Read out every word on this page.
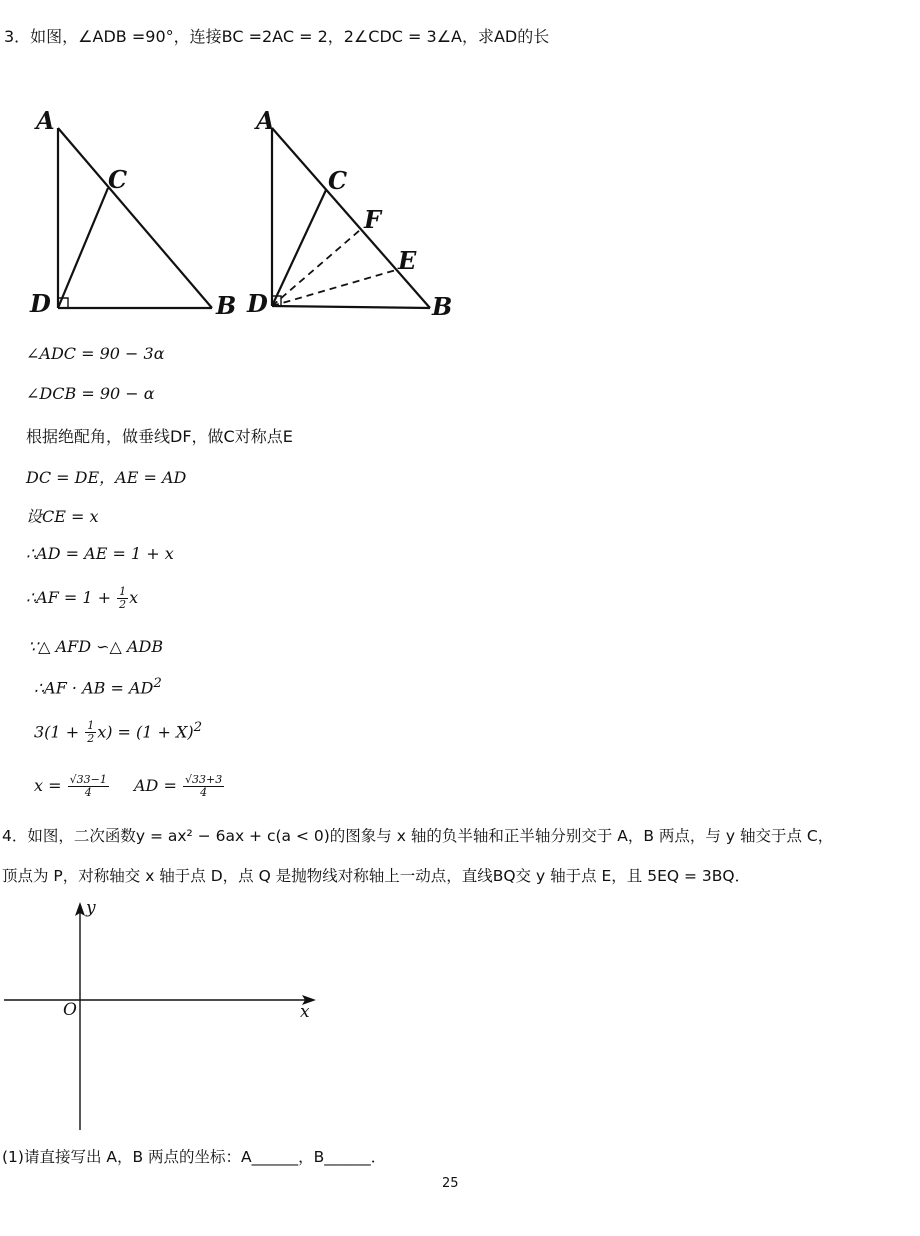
3．如图，∠ADB =90°，连接BC =2AC = 2，2∠CDC = 3∠A，求AD的长
A
C
D	B
A
C
F
E
D	B
∠ADC = 90 − 3α
∠DCB = 90 − α
根据绝配角，做垂线DF，做C对称点E
DC = DE，AE = AD
设CE = x
∴AD = AE = 1 + x
∴AF = $1 + \frac{1}{2}$ x
∵△ AFD ∽△ ADB
∴AF · AB = $AD^2$
$3(1 + \frac{1}{2} x) = (1 + X)^2$
$x = \frac{√33-1}{4}$ AD = $\frac{√33+3}{4}$
4．如图，二次函数y = ax² − 6ax + c(a < 0)的图象与 x 轴的负半轴和正半轴分别交于 A，B 两点，与 y 轴交于点 C，
顶点为 P，对称轴交 x 轴于点 D，点 Q 是抛物线对称轴上一动点，直线BQ交 y 轴于点 E，且 5EQ = 3BQ．
y
x
O
(1)请直接写出 A，B 两点的坐标：A______，B______．
25
